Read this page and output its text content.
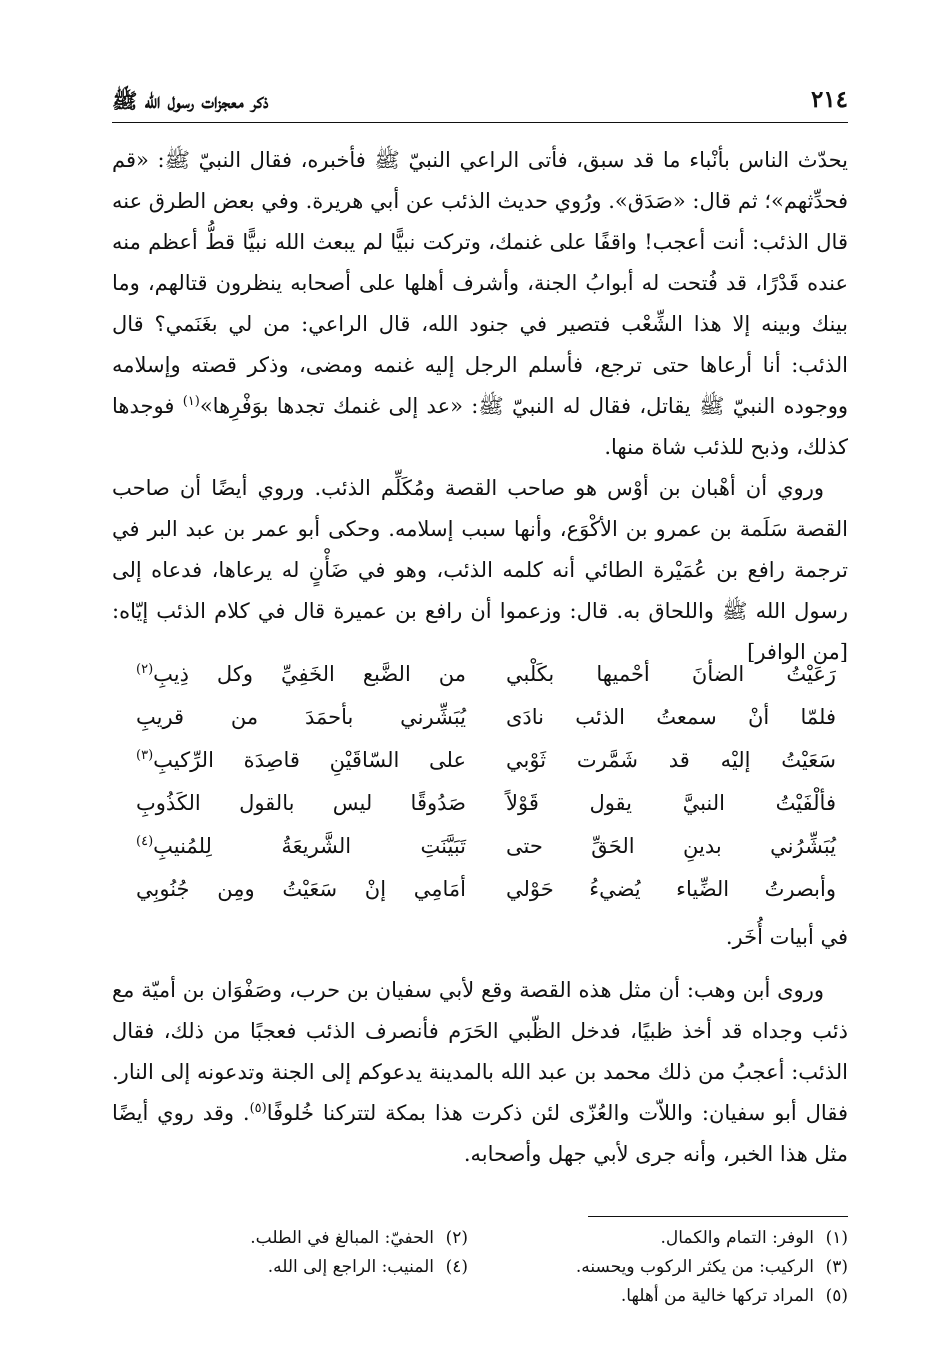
٢١٤
ذكر معجزات رسول الله ﷺ

يحدّث الناس بأنْباء ما قد سبق، فأتى الراعي النبيّ ﷺ فأخبره، فقال النبيّ ﷺ: «قم فحدِّثهم»؛ ثم قال: «صَدَق». ورُوي حديث الذئب عن أبي هريرة. وفي بعض الطرق عنه قال الذئب: أنت أعجب! واقفًا على غنمك، وتركت نبيًّا لم يبعث الله نبيًّا قطُّ أعظم منه عنده قَدْرًا، قد فُتحت له أبوابُ الجنة، وأشرف أهلها على أصحابه ينظرون قتالهم، وما بينك وبينه إلا هذا الشِّعْب فتصير في جنود الله، قال الراعي: من لي بغَنَمي؟ قال الذئب: أنا أرعاها حتى ترجع، فأسلم الرجل إليه غنمه ومضى، وذكر قصته وإسلامه ووجوده النبيّ ﷺ يقاتل، فقال له النبيّ ﷺ: «عد إلى غنمك تجدها بوَفْرِها»$^{(١)}$ فوجدها كذلك، وذبح للذئب شاة منها.

وروي أن أهْبان بن أوْس هو صاحب القصة ومُكَلِّم الذئب. وروي أيضًا أن صاحب القصة سَلَمة بن عمرو بن الأكْوَع، وأنها سبب إسلامه. وحكى أبو عمر بن عبد البر في ترجمة رافع بن عُمَيْرة الطائي أنه كلمه الذئب، وهو في ضَأْنٍ له يرعاها، فدعاه إلى رسول الله ﷺ واللحاق به. قال: وزعموا أن رافع بن عميرة قال في كلام الذئب إيّاه: [من الوافر]

رَعَيْتُ الضأنَ أحْميها بكَلْبي
من الضَّبع الخَفِيِّ وكل ذِيبِ$^{(٢)}$
فلمّا أنْ سمعتُ الذئب نادَى
يُبَشِّرني بأحمَدَ من قريبِ
سَعَيْتُ إليْه قد شَمَّرت ثَوْبي
على السّاقَيْنِ قاصِدَة الرِّكيبِ$^{(٣)}$
فألْفَيْتُ النبيَّ يقول قَوْلاً
صَدُوقًا ليس بالقول الكَذُوبِ
يُبَشِّرُني بدينِ الحَقِّ حتى
تَبَيَّنَتِ الشَّريعَةُ لِلمُنيبِ$^{(٤)}$
وأبصرتُ الضِّياء يُضيءُ حَوْلي
أمَامِي إنْ سَعَيْتُ ومِن جُنُوبِي
في أبيات أُخَر.

وروى أبن وهب: أن مثل هذه القصة وقع لأبي سفيان بن حرب، وصَفْوَان بن أميّة مع ذئب وجداه قد أخذ ظبيًا، فدخل الظّبي الحَرَم فأنصرف الذئب فعجبًا من ذلك، فقال الذئب: أعجبُ من ذلك محمد بن عبد الله بالمدينة يدعوكم إلى الجنة وتدعونه إلى النار. فقال أبو سفيان: واللاّت والعُزّى لئن ذكرت هذا بمكة لتتركنا خُلوفًا$^{(٥)}$. وقد روي أيضًا مثل هذا الخبر، وأنه جرى لأبي جهل وأصحابه.

(١)الوفر: التمام والكمال.
(٢)الحفيّ: المبالغ في الطلب.
(٣)الركيب: من يكثر الركوب ويحسنه.
(٤)المنيب: الراجع إلى الله.
(٥)المراد تركها خالية من أهلها.
